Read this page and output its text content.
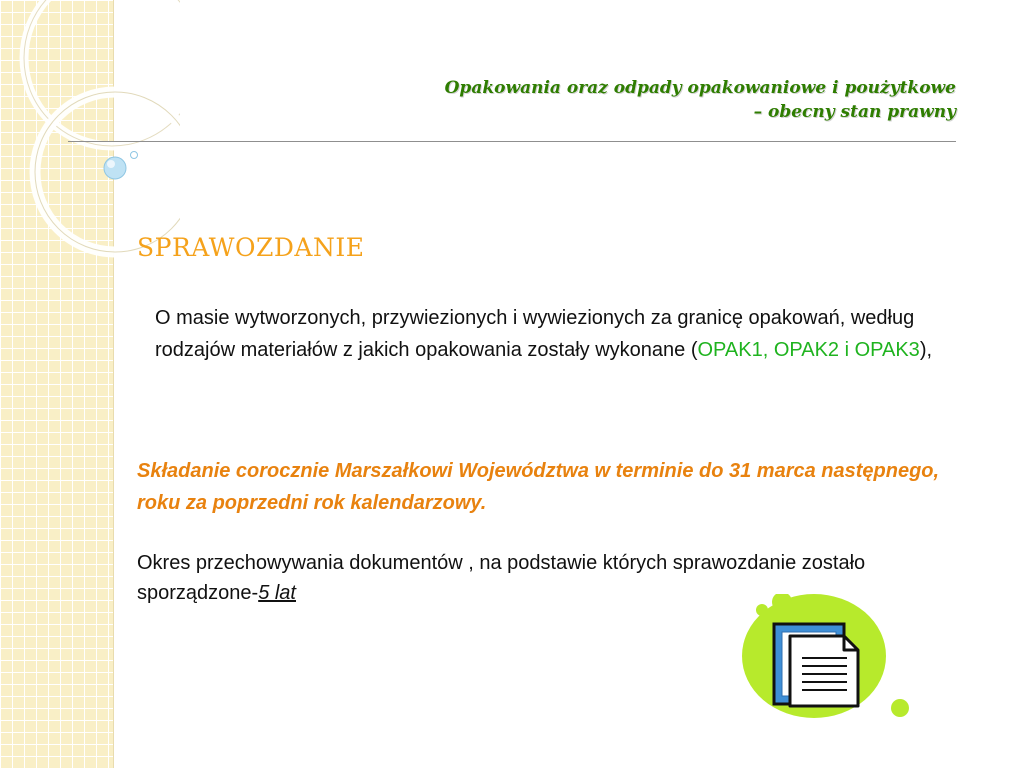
Opakowania oraz odpady opakowaniowe i poużytkowe
– obecny stan prawny
SPRAWOZDANIE

O masie wytworzonych, przywiezionych i wywiezionych za granicę opakowań, według rodzajów materiałów z jakich opakowania zostały wykonane (OPAK1, OPAK2 i OPAK3),

Składanie corocznie Marszałkowi Województwa w terminie do 31 marca następnego, roku za poprzedni rok kalendarzowy.

Okres przechowywania dokumentów , na podstawie których sprawozdanie zostało sporządzone-5 lat
